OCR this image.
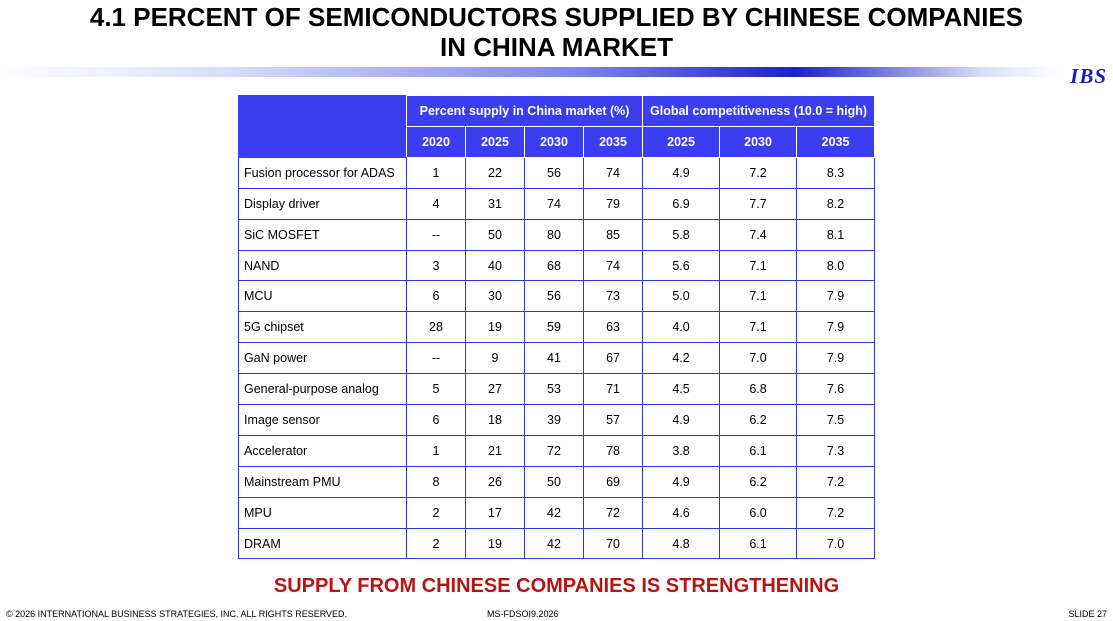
4.1 PERCENT OF SEMICONDUCTORS SUPPLIED BY CHINESE COMPANIES
IN CHINA MARKET
IBS
	Percent supply in China market (%)				Global competitiveness (10.0 = high)		
	2020	2025	2030	2035	2025	2030	2035
Fusion processor for ADAS	1	22	56	74	4.9	7.2	8.3
Display driver	4	31	74	79	6.9	7.7	8.2
SiC MOSFET	--	50	80	85	5.8	7.4	8.1
NAND	3	40	68	74	5.6	7.1	8.0
MCU	6	30	56	73	5.0	7.1	7.9
5G chipset	28	19	59	63	4.0	7.1	7.9
GaN power	--	9	41	67	4.2	7.0	7.9
General-purpose analog	5	27	53	71	4.5	6.8	7.6
Image sensor	6	18	39	57	4.9	6.2	7.5
Accelerator	1	21	72	78	3.8	6.1	7.3
Mainstream PMU	8	26	50	69	4.9	6.2	7.2
MPU	2	17	42	72	4.6	6.0	7.2
DRAM	2	19	42	70	4.8	6.1	7.0
SUPPLY FROM CHINESE COMPANIES IS STRENGTHENING
© 2026 INTERNATIONAL BUSINESS STRATEGIES, INC. ALL RIGHTS RESERVED.	MS-FDSOI9.2026	SLIDE 27
